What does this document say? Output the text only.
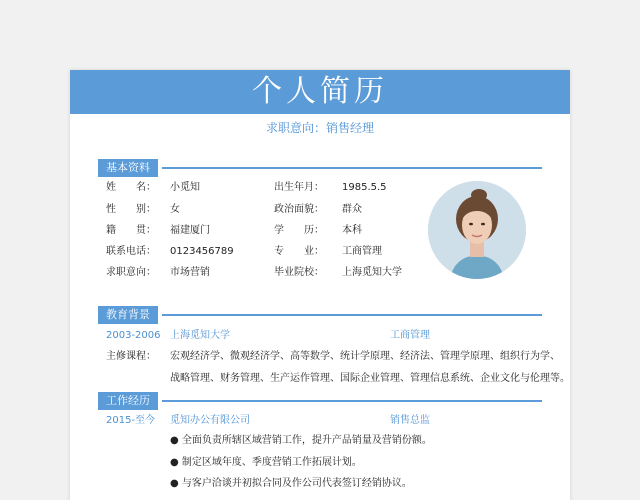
个人简历
求职意向：销售经理
基本资料
姓　　名： 小觅知	出生年月： 1985.5.5
性　　别： 女	政治面貌： 群众
籍　　贯： 福建厦门	学　　历： 本科
联系电话： 0123456789	专　　业： 工商管理
求职意向： 市场营销	毕业院校： 上海觅知大学
教育背景
2003-2006 上海觅知大学	工商管理
主修课程： 宏观经济学、微观经济学、高等数学、统计学原理、经济法、管理学原理、组织行为学、
战略管理、财务管理、生产运作管理、国际企业管理、管理信息系统、企业文化与伦理等。
工作经历
2015-至今 觅知办公有限公司	销售总监
● 全面负责所辖区域营销工作，提升产品销量及营销份额。
● 制定区域年度、季度营销工作拓展计划。
● 与客户洽谈并初拟合同及作公司代表签订经销协议。
